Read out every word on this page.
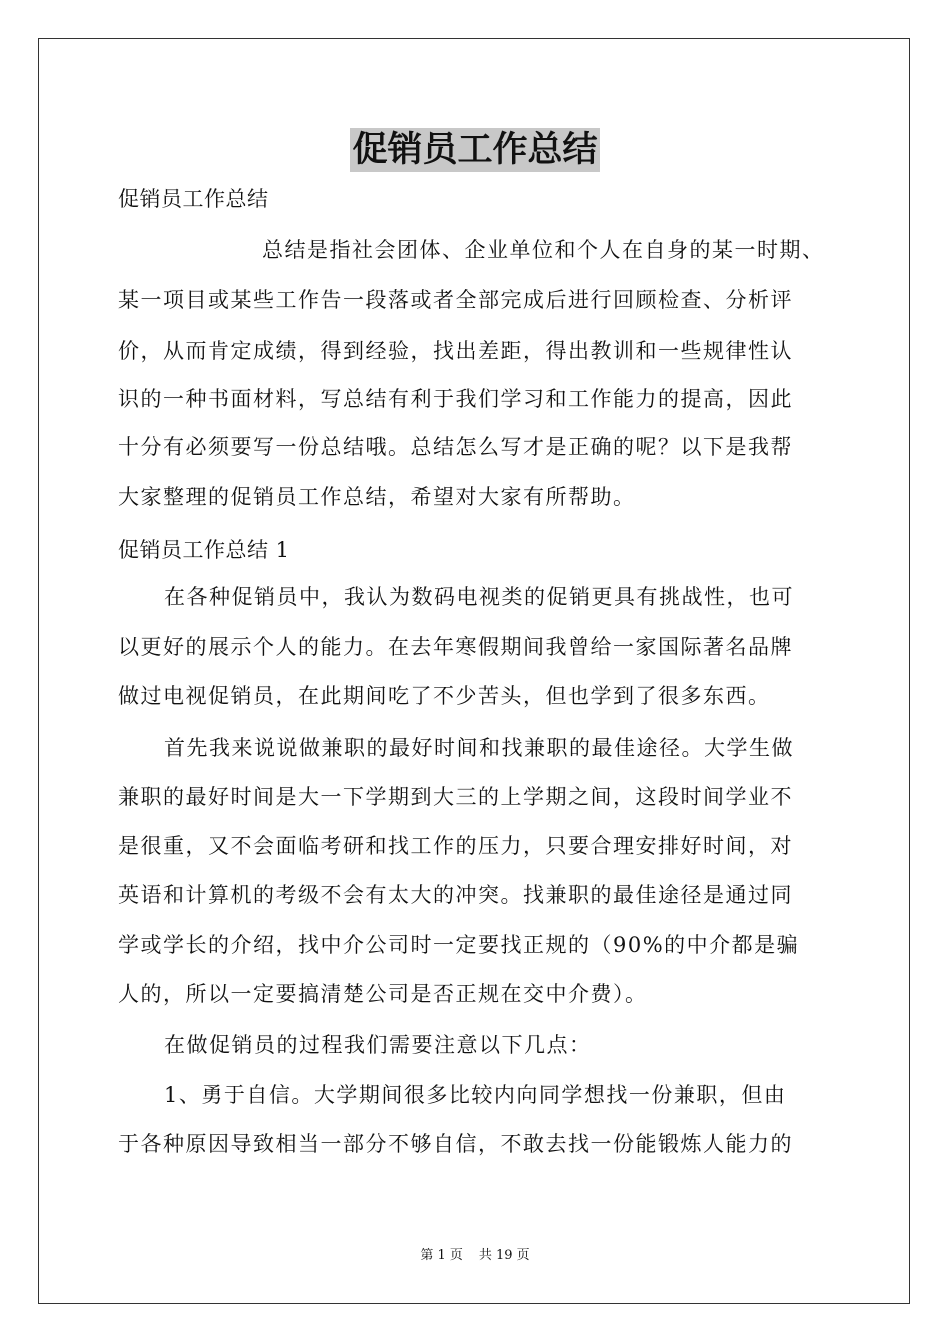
促销员工作总结
促销员工作总结
总结是指社会团体、企业单位和个人在自身的某一时期、
某一项目或某些工作告一段落或者全部完成后进行回顾检查、分析评
价，从而肯定成绩，得到经验，找出差距，得出教训和一些规律性认
识的一种书面材料，写总结有利于我们学习和工作能力的提高，因此
十分有必须要写一份总结哦。总结怎么写才是正确的呢？以下是我帮
大家整理的促销员工作总结，希望对大家有所帮助。
促销员工作总结 1
在各种促销员中，我认为数码电视类的促销更具有挑战性，也可
以更好的展示个人的能力。在去年寒假期间我曾给一家国际著名品牌
做过电视促销员，在此期间吃了不少苦头，但也学到了很多东西。
首先我来说说做兼职的最好时间和找兼职的最佳途径。大学生做
兼职的最好时间是大一下学期到大三的上学期之间，这段时间学业不
是很重，又不会面临考研和找工作的压力，只要合理安排好时间，对
英语和计算机的考级不会有太大的冲突。找兼职的最佳途径是通过同
学或学长的介绍，找中介公司时一定要找正规的（90%的中介都是骗
人的，所以一定要搞清楚公司是否正规在交中介费）。
在做促销员的过程我们需要注意以下几点：
1、勇于自信。大学期间很多比较内向同学想找一份兼职，但由
于各种原因导致相当一部分不够自信，不敢去找一份能锻炼人能力的
第 1 页 共 19 页
